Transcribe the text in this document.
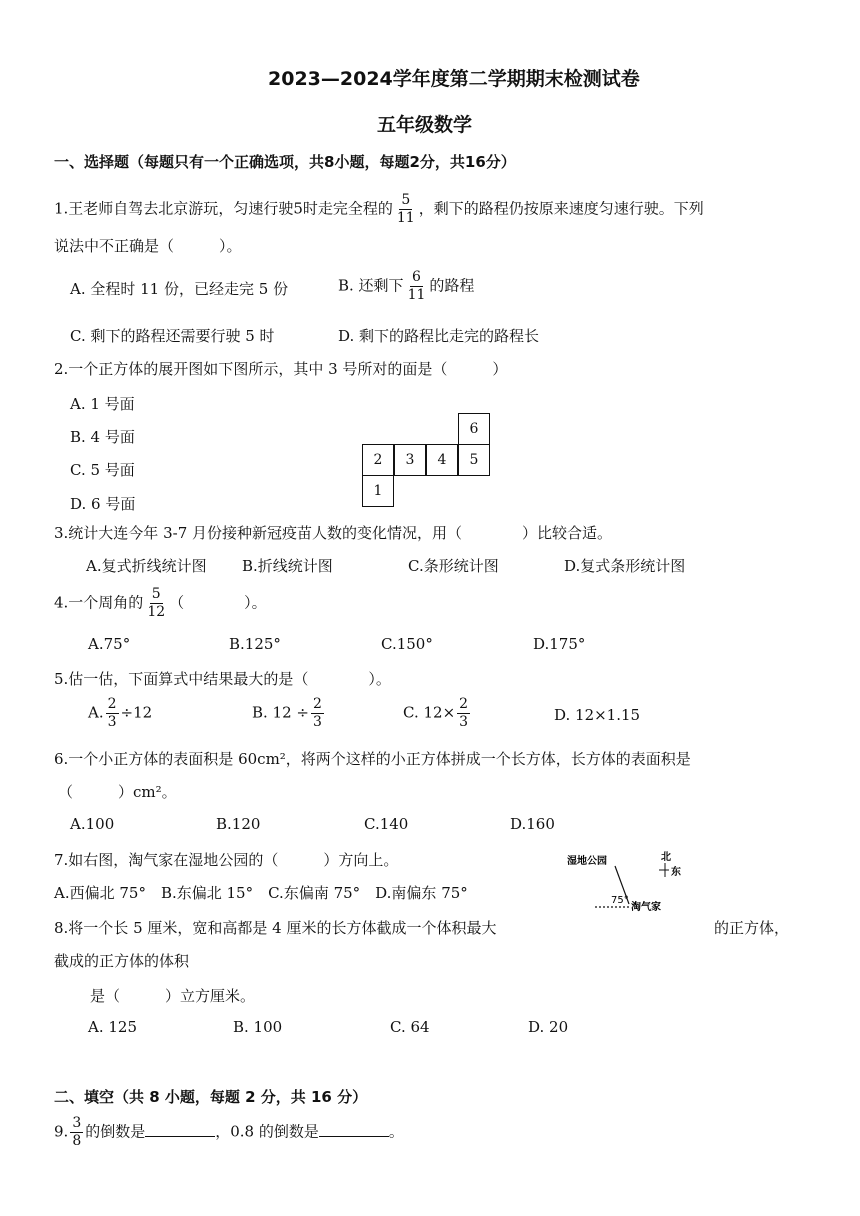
2023—2024学年度第二学期期末检测试卷
五年级数学
一、选择题（每题只有一个正确选项，共8小题，每题2分，共16分）
1.王老师自驾去北京游玩，匀速行驶5时走完全程的 $\frac{5}{11}$ ，剩下的路程仍按原来速度匀速行驶。下列
说法中不正确是（　　　）。
A. 全程时 11 份，已经走完 5 份	B. 还剩下 $\frac{6}{11}$ 的路程
C. 剩下的路程还需要行驶 5 时	D. 剩下的路程比走完的路程长
2.一个正方体的展开图如下图所示，其中 3 号所对的面是（　　　）
A. 1 号面
B. 4 号面
C. 5 号面
D. 6 号面
6
2	3	4	5
1
3.统计大连今年 3-7 月份接种新冠疫苗人数的变化情况，用（　　　　）比较合适。
A.复式折线统计图 B.折线统计图	C.条形统计图	D.复式条形统计图
4.一个周角的 $\frac{5}{12}$ （　　　　）。
A.75°	B.125°	C.150°	D.175°
5.估一估，下面算式中结果最大的是（　　　　）。
A. $\frac{2}{3} \div 12$	B. $12 \div \frac{2}{3}$	C. $12\times \frac{2}{3}$	D. 12×1.15
6.一个小正方体的表面积是 60cm²，将两个这样的小正方体拼成一个长方体，长方体的表面积是
（　　　）cm²。
A.100	B.120	C.140	D.160
7.如右图，淘气家在湿地公园的（　　　）方向上。
A.西偏北 75°　B.东偏北 15°　C.东偏南 75°　D.南偏东 75°
湿地公园
75°
淘气家
北
东
8.将一个长 5 厘米，宽和高都是 4 厘米的长方体截成一个体积最大	的正方体，
截成的正方体的体积
是（　　　）立方厘米。
A. 125	B. 100	C. 64	D. 20
二、填空（共 8 小题，每题 2 分，共 16 分）
9. $\frac{3}{8}$ 的倒数是	，0.8 的倒数是	。
